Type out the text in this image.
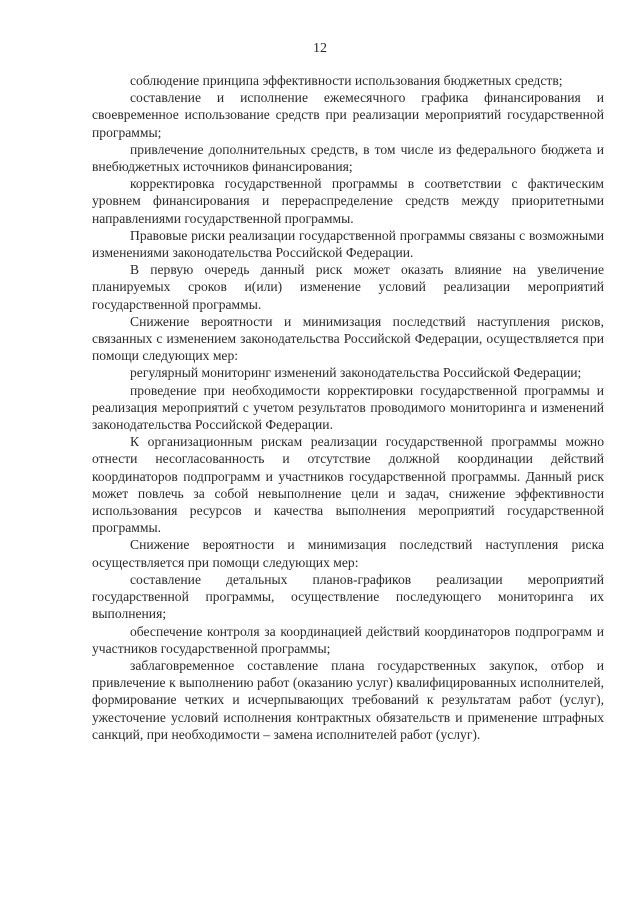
12

соблюдение принципа эффективности использования бюджетных средств;

составление и исполнение ежемесячного графика финансирования и своевременное использование средств при реализации мероприятий государственной программы;

привлечение дополнительных средств, в том числе из федерального бюджета и внебюджетных источников финансирования;

корректировка государственной программы в соответствии с фактическим уровнем финансирования и перераспределение средств между приоритетными направлениями государственной программы.

Правовые риски реализации государственной программы связаны с возможными изменениями законодательства Российской Федерации.

В первую очередь данный риск может оказать влияние на увеличение планируемых сроков и(или) изменение условий реализации мероприятий государственной программы.

Снижение вероятности и минимизация последствий наступления рисков, связанных с изменением законодательства Российской Федерации, осуществляется при помощи следующих мер:

регулярный мониторинг изменений законодательства Российской Федерации;

проведение при необходимости корректировки государственной программы и реализация мероприятий с учетом результатов проводимого мониторинга и изменений законодательства Российской Федерации.

К организационным рискам реализации государственной программы можно отнести несогласованность и отсутствие должной координации действий координаторов подпрограмм и участников государственной программы. Данный риск может повлечь за собой невыполнение цели и задач, снижение эффективности использования ресурсов и качества выполнения мероприятий государственной программы.

Снижение вероятности и минимизация последствий наступления риска осуществляется при помощи следующих мер:

составление детальных планов-графиков реализации мероприятий государственной программы, осуществление последующего мониторинга их выполнения;

обеспечение контроля за координацией действий координаторов подпрограмм и участников государственной программы;

заблаговременное составление плана государственных закупок, отбор и привлечение к выполнению работ (оказанию услуг) квалифицированных исполнителей, формирование четких и исчерпывающих требований к результатам работ (услуг), ужесточение условий исполнения контрактных обязательств и применение штрафных санкций, при необходимости – замена исполнителей работ (услуг).
